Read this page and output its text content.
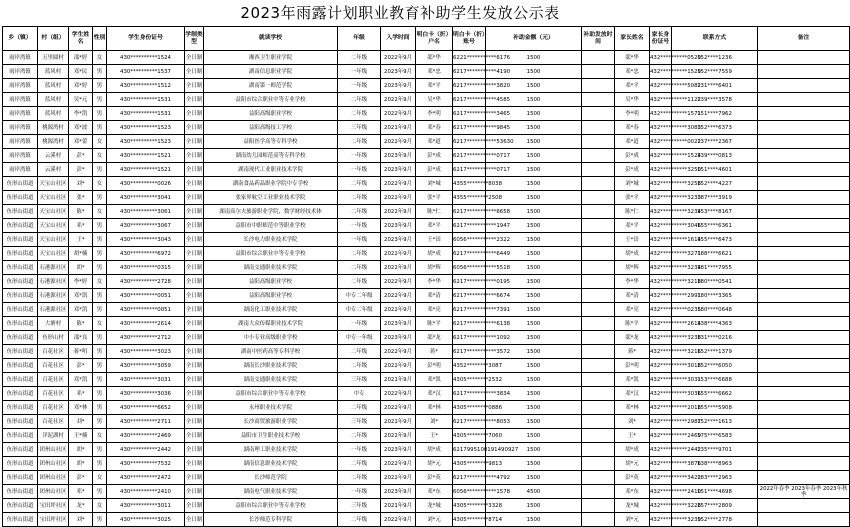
2023年雨露计划职业教育补助学生发放公示表
乡（镇）	村（组）	学生姓名	性别	学生身份证号	学制类型	就读学校	年级	入学时间	明白卡（折）户名	明白卡（折）账号	补助金额（元）	补助发放时间	家长姓名	家长身份证号	联系方式	备注
雨岸湾镇	五里圆村	邵*婷	女	430**********1524	全日制	湘西卫生职业学院	二年级	2022年9月	邵*华	6221***********6176	1500		邵*华	432**********0529	152****1236	
雨岸湾镇	蓝风村	邓*民	男	430**********1537	全日制	湖南信息职业学院	一年级	2023年9月	邓*忠	6217***********4190	1500		邓*忠	432**********1529	152****7559	
雨岸湾镇	蓝风村	邓*婷	男	430**********1512	全日制	湖南第一师范学院	一年级	2023年9月	邓*平	6217***********3820	1500		邓*平	432**********5082	131****6401	
雨岸湾镇	蓝风村	吴*元	男	430**********1531	全日制	益阳市综合职业中等专业学校	二年级	2022年9月	吴*华	6217***********4585	1500		吴*华	432**********1122	139****3578	
雨岸湾镇	蓝风村	李*凯	男	430**********1531	全日制	益阳高级职业学校	二年级	2022年9月	李*明	6217***********3465	1500		李*明	432**********1571	151****7962	
雨岸湾镇	桃源湾村	邓*波	男	430**********1523	全日制	益阳高级技工学校	三年级	2021年9月	邓*春	6217***********9845	1500		邓*春	432**********3083	152****6373	
雨岸湾镇	桃源湾村	邓*蕾	女	430**********1523	全日制	益阳医学高等专科学校	二年级	2022年9月	邓*道	6217***********53630	1500		邓*道	432**********0022	137****2367	
雨岸湾镇	云溪村	彭*	女	430**********1521	全日制	湖南幼儿园师范高等专科学校	一年级	2023年9月	彭*成	6217***********0717	1500		彭*成	432**********1524	139****0813	
雨岸湾镇	云溪村	彭*	男	430**********1521	全日制	湖南现代工业职业技术学院	一年级	2023年9月	彭*成	6217***********0717	1500		彭*成	432**********3250	151****4601	
鱼形山街道	天宝山社区	刘*	女	430**********0026	全日制	湖南食品药品职业学院中专学校	二年级	2022年9月	刘*城	4355********8038	1500		刘*城	432**********3258	152****4227	
鱼形山街道	天宝山社区	张*	男	430**********3041	全日制	张家界航空工业职业技术学院	二年级	2022年9月	张*平	4355********2508	1500		张*平	432**********3233	187****3919	
鱼形山街道	天宝山社区	陈*	女	430**********3061	全日制	湖南高尔夫旅游职业学院，数学财经技术体	二年级	2022年9月	陈*仁	6217***********6658	1500		陈*仁	432**********3234	153****8167	
鱼形山街道	天宝山社区	邓*	男	430**********3067	全日制	益阳市中职师范中等职业学校	一年级	2023年9月	邓*平	6217***********1947	1500		邓*平	432**********3046	155****6361	
鱼形山街道	天宝山社区	王*	男	430**********3043	全日制	长沙电力职业技术学院	一年级	2023年9月	王*田	6056***********2322	1500		王*田	432**********1614	155****6473	
鱼形山街道	天宝山社区	胡*楠	男	430**********6972	全日制	益阳市综合职业中等专业学校	二年级	2022年9月	胡*成	6217***********6449	1500		胡*成	432**********3271	188****6621	
鱼形山街道	石港源社区	胡*	男	430**********0315	全日制	湖南交通职业技术学院	二年级	2022年9月	胡*辉	6056***********5518	1500		胡*辉	432**********3234	181****7955	
鱼形山街道	石港源社区	李*婷	女	430**********2728	全日制	益阳高级职业学校	二年级	2022年9月	李*华	6217***********0195	1500		李*华	432**********3218	180****0541	
鱼形山街道	石港源社区	邓*凯	男	430**********0051	全日制	益阳高级职业学校	中专二年级	2022年9月	邓*清	6217***********6674	1500		邓*清	432**********2991	180****3365	
鱼形山街道	石港源社区	邓*凯	男	430**********0051	全日制	湖南化工职业技术学院	中专二年级	2022年9月	邓*亮	6217***********7391	1500		邓*亮	432**********0235	180****0648	
鱼形山街道	大塘村	陈*	女	430**********2614	全日制	湖南大众传媒职业技术学院	一年级	2023年9月	陈*平	6217***********6138	1500		陈*平	432**********2614	138****4363	
鱼形山街道	鱼形山村	邵*良	男	430**********2712	全日制	中小专业高级职业学校	中专一年级	2023年9月	邵*龙	6217***********1092	1500		邵*龙	432**********3238	131****0216	
鱼形山街道	百花社区	蒋*明	男	430**********3023	全日制	湖南中医药高等专科学校	二年级	2022年9月	蒋*	6217***********3572	1500		蒋*	432**********3216	152****1379	
鱼形山街道	百花社区	彭*	男	430**********3059	全日制	湖南长沙职业技术学院	二年级	2022年9月	彭*明	4352********3087	1500		彭*明	432**********3018	152****6050	
鱼形山街道	百花社区	邓*凯	男	430**********3031	全日制	湖南交通职业技术学院	三年级	2021年9月	邓*凯	4305********2532	1500		邓*凯	432**********3031	153****6688	
鱼形山街道	百花社区	邓*	男	430**********3036	全日制	益阳市综合职业中等专业学校	中专	2022年9月	邓*汉	6217***********3834	1500		邓*汉	432**********3036	155****6662	
鱼形山街道	百花社区	邓*林	男	430**********6652	全日制	永州职业技术学院	二年级	2022年9月	邓*林	4305********0886	1500		邓*林	432**********2018	155****5908	
鱼形山街道	百花社区	刘*	男	430**********2711	全日制	长沙商贸旅游职业学院	三年级	2021年9月	刘*	6217***********8053	1500		刘*	432**********2987	152****1613	
鱼形山街道	洋泥湖村	王*楠	女	430**********2469	全日制	益阳市卫生职业技术学校	二年级	2022年9月	王*	4305********7060	1500		王*	432**********2469	175****6583	
鱼形山街道	团州山社区	胡*	男	430**********2442	全日制	湖南理工职业技术学院	一年级	2023年9月	胡*成	6217995100191490927	1500		胡*成	432**********2442	135****9701	
鱼形山街道	团州山社区	胡*	男	430**********7532	全日制	湖南信息职业技术学院	二年级	2022年9月	胡*元	4305********9813	1500		胡*元	432**********3876	138****8963	
鱼形山街道	团州山社区	彭*	女	430**********2472	全日制	长沙师范学院	二年级	2022年9月	彭*英	6217***********4792	1500		彭*英	432**********3422	183****2963	
鱼形山街道	团州山社区	邓*	男	430**********2410	全日制	湖南电气职业技术学院	一年级	2023年9月	邓*东	6056***********1578	4500		邓*东	432**********2410	151****4698	2022年春季 2023年春季 2023年秋季
鱼形山街道	宝田坪社区	龙*	女	430**********3011	全日制	益阳市综合职业中等专业学校	三年级	2021年9月	龙*城	4305********3328	1500		龙*城	432**********3228	157****2809	
鱼形山街道	宝田坪社区	刘*	男	430**********3025	全日制	长沙师范专科学院	二年级	2022年9月	刘*元	4305********8714	1500		刘*元	432**********3239	152****2778	
